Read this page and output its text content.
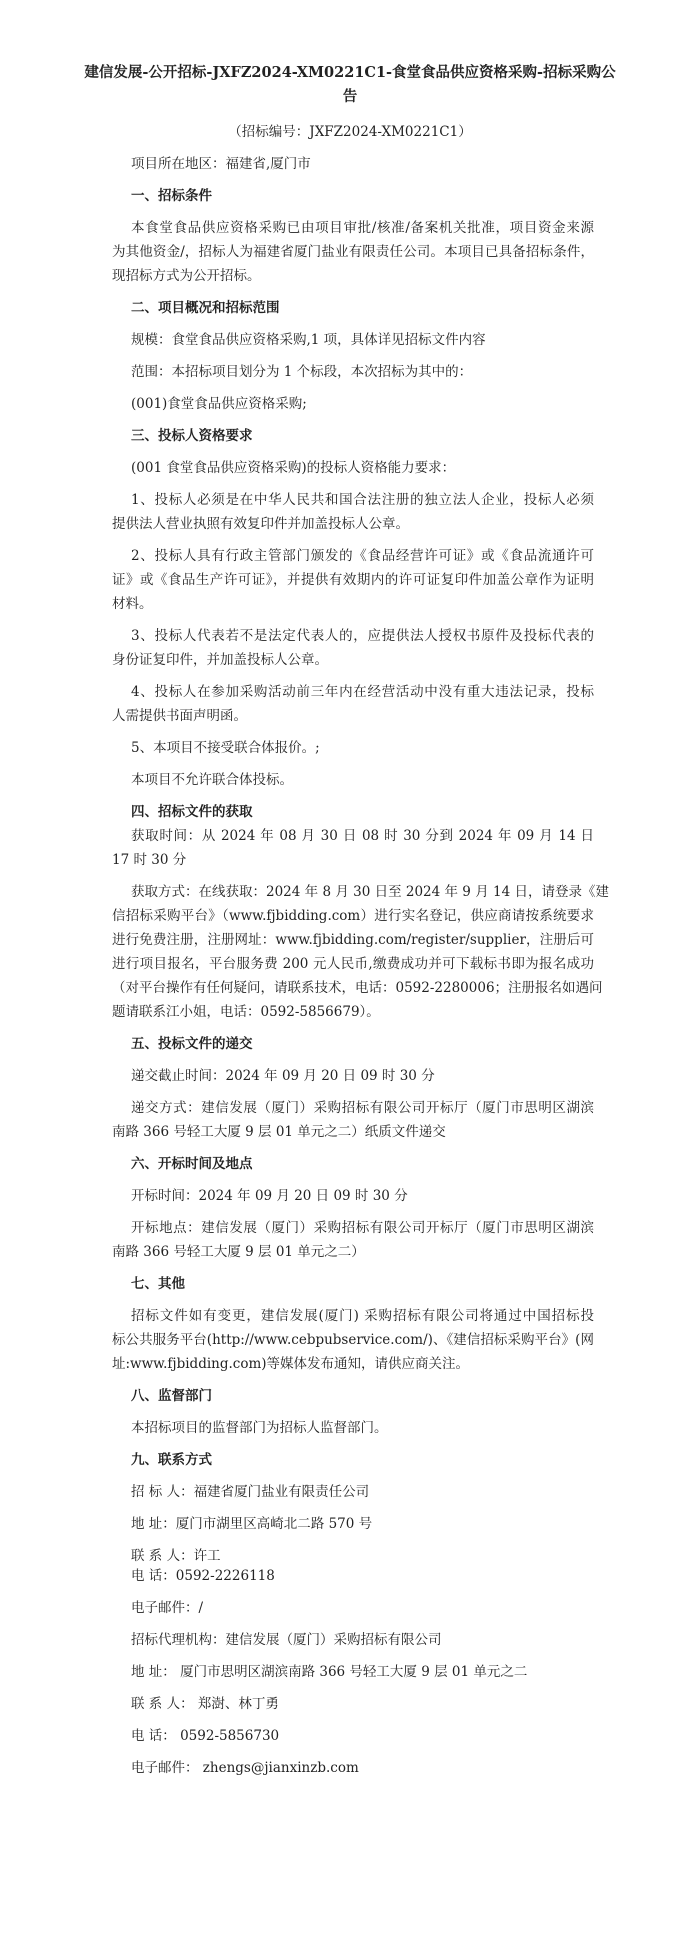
建信发展-公开招标-JXFZ2024-XM0221C1-食堂食品供应资格采购-招标采购公
告
（招标编号：JXFZ2024-XM0221C1）
项目所在地区：福建省,厦门市
一、招标条件
本食堂食品供应资格采购已由项目审批/核准/备案机关批准，项目资金来源
为其他资金/，招标人为福建省厦门盐业有限责任公司。本项目已具备招标条件，
现招标方式为公开招标。
二、项目概况和招标范围
规模：食堂食品供应资格采购,1 项，具体详见招标文件内容
范围：本招标项目划分为 1 个标段，本次招标为其中的：
(001)食堂食品供应资格采购;
三、投标人资格要求
(001 食堂食品供应资格采购)的投标人资格能力要求：
1、投标人必须是在中华人民共和国合法注册的独立法人企业，投标人必须
提供法人营业执照有效复印件并加盖投标人公章。
2、投标人具有行政主管部门颁发的《食品经营许可证》或《食品流通许可
证》或《食品生产许可证》，并提供有效期内的许可证复印件加盖公章作为证明
材料。
3、投标人代表若不是法定代表人的，应提供法人授权书原件及投标代表的
身份证复印件，并加盖投标人公章。
4、投标人在参加采购活动前三年内在经营活动中没有重大违法记录，投标
人需提供书面声明函。
5、本项目不接受联合体报价。;
本项目不允许联合体投标。
四、招标文件的获取
获取时间：从 2024 年 08 月 30 日 08 时 30 分到 2024 年 09 月 14 日
17 时 30 分
获取方式：在线获取：2024 年 8 月 30 日至 2024 年 9 月 14 日，请登录《建
信招标采购平台》（www.fjbidding.com）进行实名登记，供应商请按系统要求
进行免费注册，注册网址：www.fjbidding.com/register/supplier，注册后可
进行项目报名，平台服务费 200 元人民币,缴费成功并可下载标书即为报名成功
（对平台操作有任何疑问，请联系技术，电话：0592-2280006；注册报名如遇问
题请联系江小姐，电话：0592-5856679）。
五、投标文件的递交
递交截止时间：2024 年 09 月 20 日 09 时 30 分
递交方式：建信发展（厦门）采购招标有限公司开标厅（厦门市思明区湖滨
南路 366 号轻工大厦 9 层 01 单元之二）纸质文件递交
六、开标时间及地点
开标时间：2024 年 09 月 20 日 09 时 30 分
开标地点：建信发展（厦门）采购招标有限公司开标厅（厦门市思明区湖滨
南路 366 号轻工大厦 9 层 01 单元之二）
七、其他
招标文件如有变更，建信发展(厦门) 采购招标有限公司将通过中国招标投
标公共服务平台(http://www.cebpubservice.com/)、《建信招标采购平台》(网
址:www.fjbidding.com)等媒体发布通知，请供应商关注。
八、监督部门
本招标项目的监督部门为招标人监督部门。
九、联系方式
招 标 人：福建省厦门盐业有限责任公司
地 址：厦门市湖里区高崎北二路 570 号
联 系 人：许工
电 话：0592-2226118
电子邮件：/
招标代理机构：建信发展（厦门）采购招标有限公司
地 址： 厦门市思明区湖滨南路 366 号轻工大厦 9 层 01 单元之二
联 系 人： 郑澍、林丁勇
电 话： 0592-5856730
电子邮件： zhengs@jianxinzb.com
